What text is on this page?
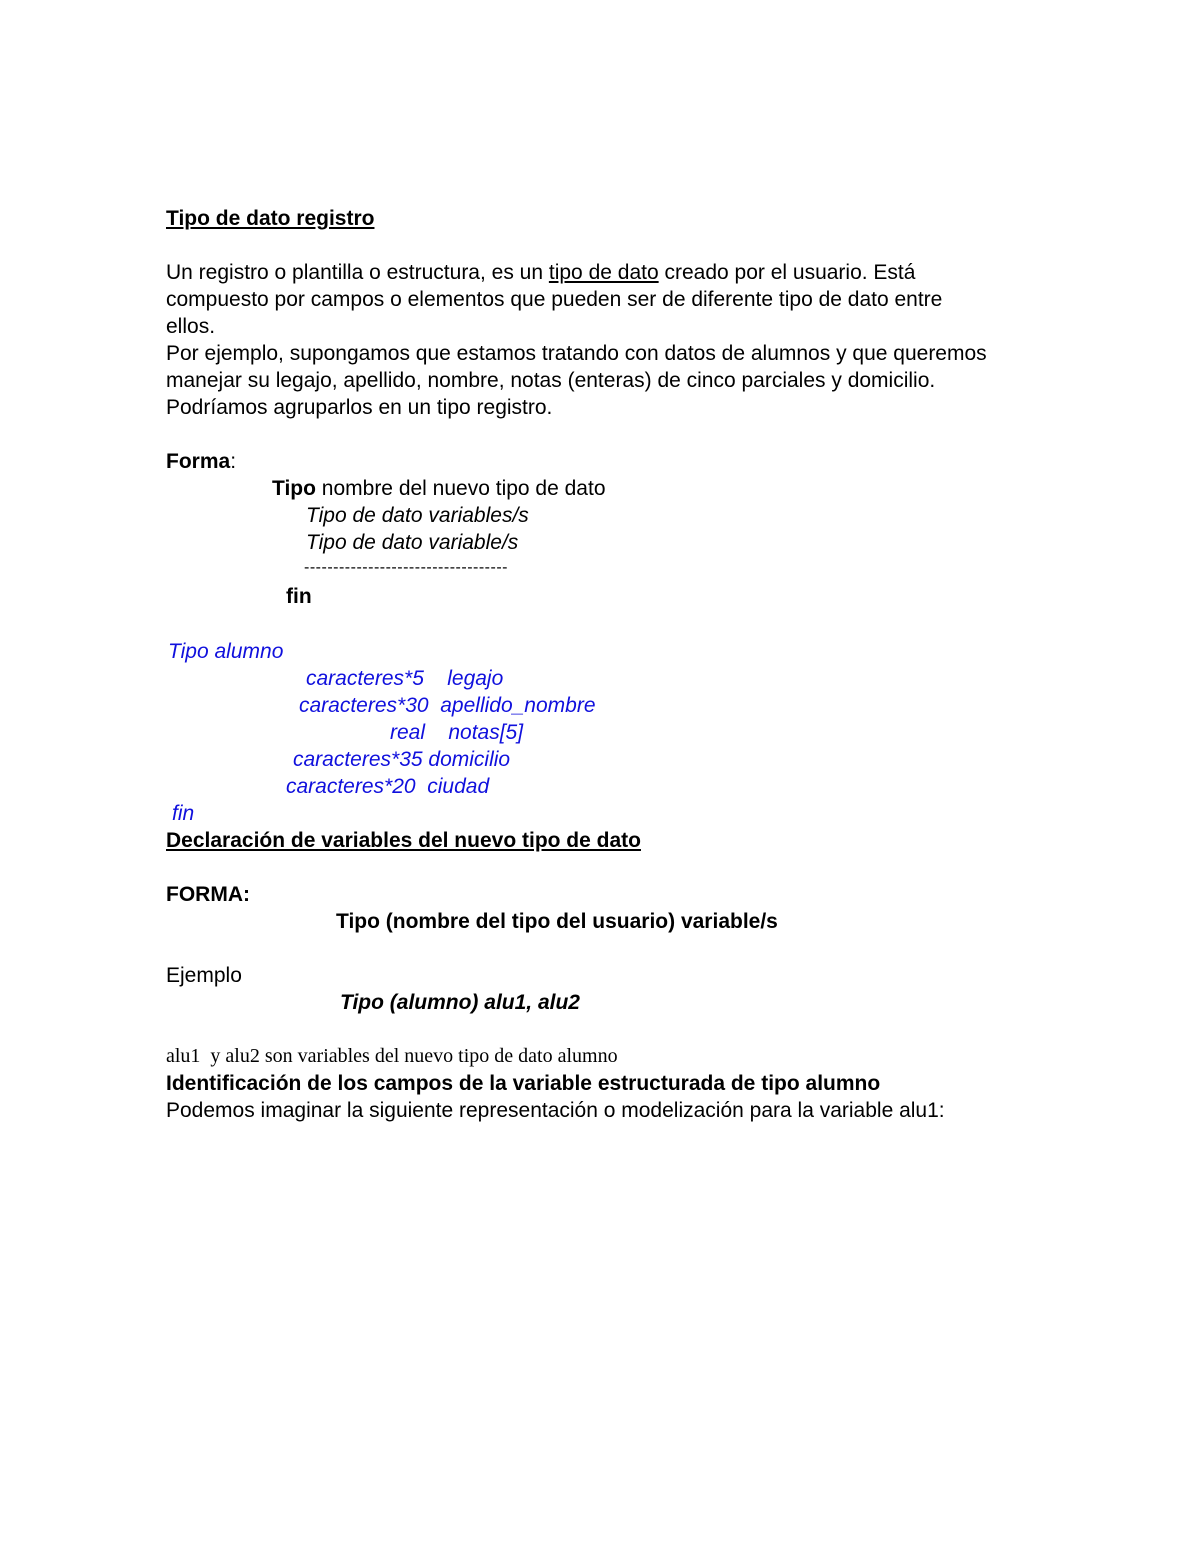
Tipo de dato registro
Un registro o plantilla o estructura, es un tipo de dato creado por el usuario. Está
compuesto por campos o elementos que pueden ser de diferente tipo de dato entre
ellos.
Por ejemplo, supongamos que estamos tratando con datos de alumnos y que queremos
manejar su legajo, apellido, nombre, notas (enteras) de cinco parciales y domicilio.
Podríamos agruparlos en un tipo registro.
Forma:
Tipo nombre del nuevo tipo de dato
Tipo de dato variables/s
Tipo de dato variable/s
-----------------------------------
fin
Tipo alumno
caracteres*5    legajo
caracteres*30  apellido_nombre
real    notas[5]
caracteres*35 domicilio
caracteres*20  ciudad
fin
Declaración de variables del nuevo tipo de dato
FORMA:
Tipo (nombre del tipo del usuario) variable/s
Ejemplo
Tipo (alumno) alu1, alu2
alu1  y alu2 son variables del nuevo tipo de dato alumno
Identificación de los campos de la variable estructurada de tipo alumno
Podemos imaginar la siguiente representación o modelización para la variable alu1:
